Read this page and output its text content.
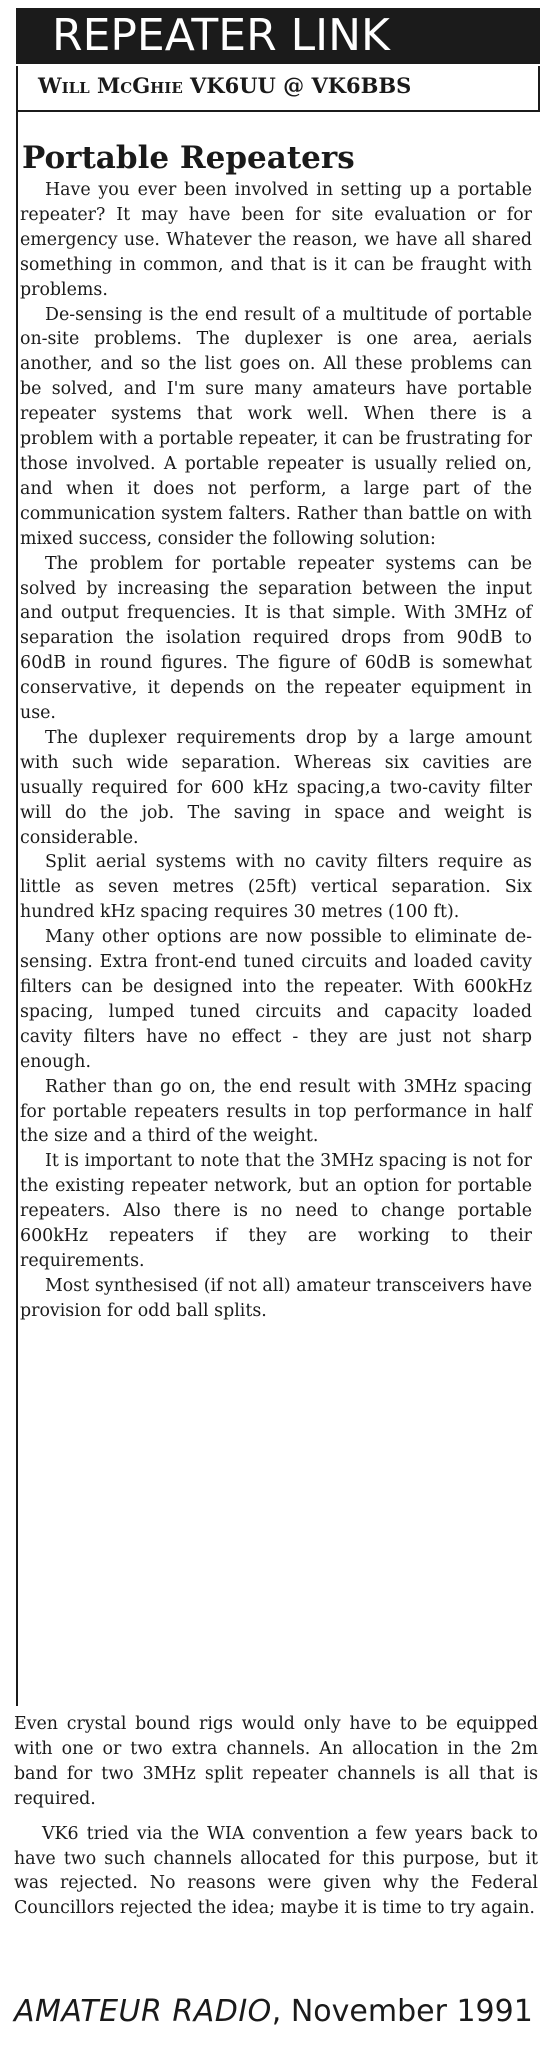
REPEATER LINK
Will McGhie VK6UU @ VK6BBS
Portable Repeaters

Have you ever been involved in setting up a portable repeater? It may have been for site evaluation or for emergency use. Whatever the reason, we have all shared something in common, and that is it can be fraught with problems.

De-sensing is the end result of a multitude of portable on-site problems. The duplexer is one area, aerials another, and so the list goes on. All these problems can be solved, and I'm sure many amateurs have portable repeater systems that work well. When there is a problem with a portable repeater, it can be frustrating for those involved. A portable repeater is usually relied on, and when it does not perform, a large part of the communication system falters. Rather than battle on with mixed success, consider the following solution:

The problem for portable repeater systems can be solved by increasing the separation between the input and output frequencies. It is that simple. With 3MHz of separation the isolation required drops from 90dB to 60dB in round figures. The figure of 60dB is somewhat conservative, it depends on the repeater equipment in use.

The duplexer requirements drop by a large amount with such wide separation. Whereas six cavities are usually required for 600 kHz spacing,a two-cavity filter will do the job. The saving in space and weight is considerable.

Split aerial systems with no cavity filters require as little as seven metres (25ft) vertical separation. Six hundred kHz spacing requires 30 metres (100 ft).

Many other options are now possible to eliminate de-sensing. Extra front-end tuned circuits and loaded cavity filters can be designed into the repeater. With 600kHz spacing, lumped tuned circuits and capacity loaded cavity filters have no effect - they are just not sharp enough.

Rather than go on, the end result with 3MHz spacing for portable repeaters results in top performance in half the size and a third of the weight.

It is important to note that the 3MHz spacing is not for the existing repeater network, but an option for portable repeaters. Also there is no need to change portable 600kHz repeaters if they are working to their requirements.

Most synthesised (if not all) amateur transceivers have provision for odd ball splits.

Even crystal bound rigs would only have to be equipped with one or two extra channels. An allocation in the 2m band for two 3MHz split repeater channels is all that is required.

VK6 tried via the WIA convention a few years back to have two such channels allocated for this purpose, but it was rejected. No reasons were given why the Federal Councillors rejected the idea; maybe it is time to try again.

AMATEUR RADIO, November 1991
